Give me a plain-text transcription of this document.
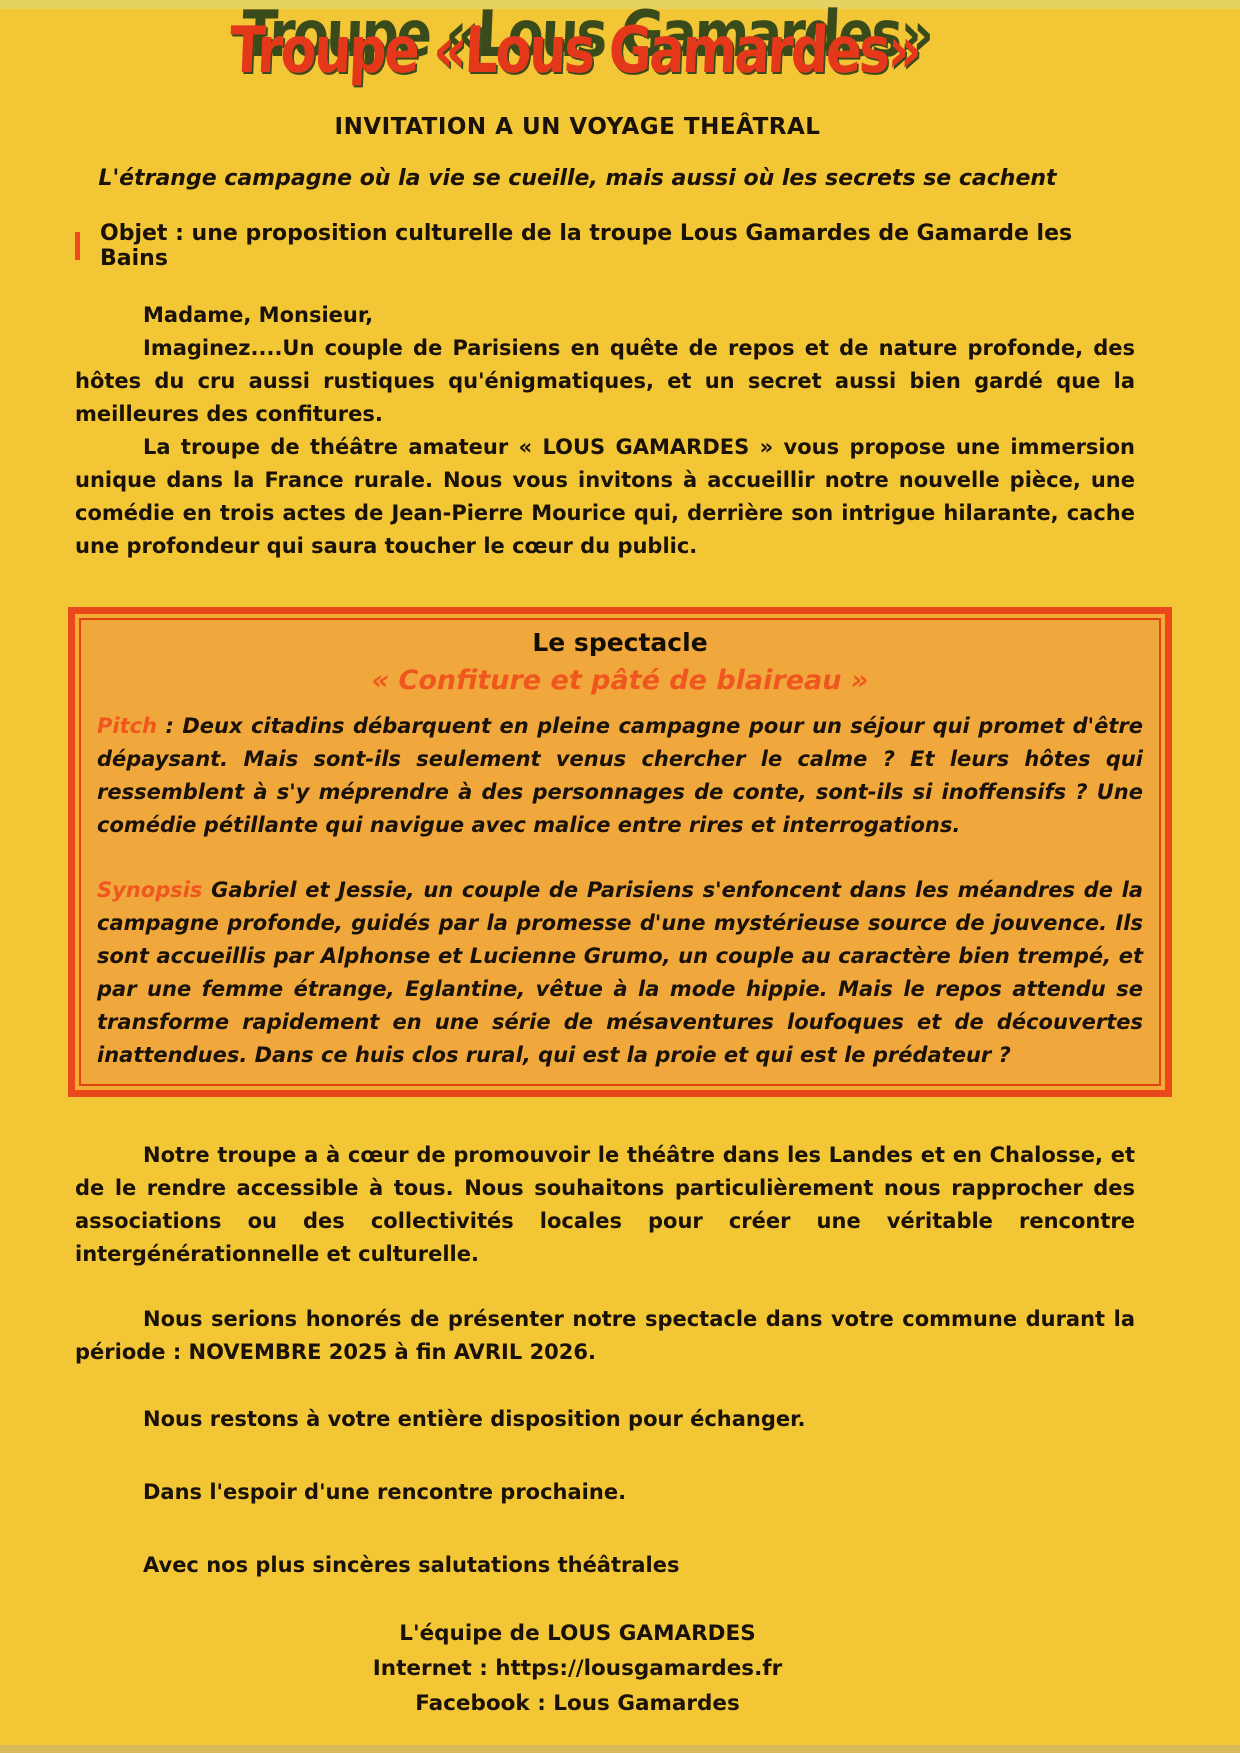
Troupe «Lous Gamardes»
INVITATION A UN VOYAGE THEÂTRAL
L'étrange campagne où la vie se cueille, mais aussi où les secrets se cachent
Objet : une proposition culturelle de la troupe Lous Gamardes de Gamarde les Bains
Madame, Monsieur,
Imaginez....Un couple de Parisiens en quête de repos et de nature profonde, des hôtes du cru aussi rustiques qu'énigmatiques, et un secret aussi bien gardé que la meilleures des confitures.
La troupe de théâtre amateur « LOUS GAMARDES » vous propose une immersion unique dans la France rurale. Nous vous invitons à accueillir notre nouvelle pièce, une comédie en trois actes de Jean-Pierre Mourice qui, derrière son intrigue hilarante, cache une profondeur qui saura toucher le cœur du public.
Le spectacle
« Confiture et pâté de blaireau »
Pitch : Deux citadins débarquent en pleine campagne pour un séjour qui promet d'être dépaysant. Mais sont-ils seulement venus chercher le calme ? Et leurs hôtes qui ressemblent à s'y méprendre à des personnages de conte, sont-ils si inoffensifs ? Une comédie pétillante qui navigue avec malice entre rires et interrogations.
Synopsis Gabriel et Jessie, un couple de Parisiens s'enfoncent dans les méandres de la campagne profonde, guidés par la promesse d'une mystérieuse source de jouvence. Ils sont accueillis par Alphonse et Lucienne Grumo, un couple au caractère bien trempé, et par une femme étrange, Eglantine, vêtue à la mode hippie. Mais le repos attendu se transforme rapidement en une série de mésaventures loufoques et de découvertes inattendues. Dans ce huis clos rural, qui est la proie et qui est le prédateur ?
Notre troupe a à cœur de promouvoir le théâtre dans les Landes et en Chalosse, et de le rendre accessible à tous. Nous souhaitons particulièrement nous rapprocher des associations ou des collectivités locales pour créer une véritable rencontre intergénérationnelle et culturelle.
Nous serions honorés de présenter notre spectacle dans votre commune durant la période : NOVEMBRE 2025 à fin AVRIL 2026.
Nous restons à votre entière disposition pour échanger.
Dans l'espoir d'une rencontre prochaine.
Avec nos plus sincères salutations théâtrales
L'équipe de LOUS GAMARDES
Internet : https://lousgamardes.fr
Facebook : Lous Gamardes
